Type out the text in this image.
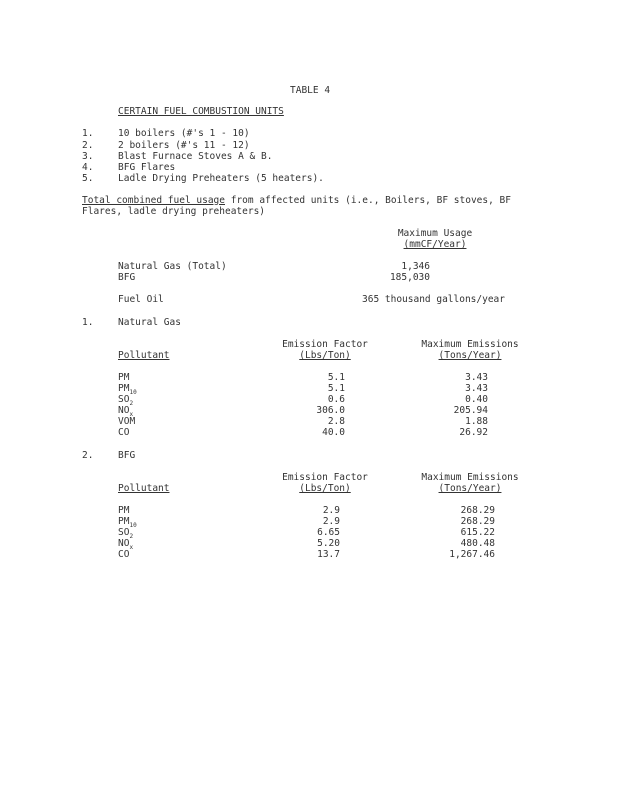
TABLE 4
CERTAIN FUEL COMBUSTION UNITS
1.	10 boilers (#'s 1 - 10)
2.	2 boilers (#'s 11 - 12)
3.	Blast Furnace Stoves A & B.
4.	BFG Flares
5.	Ladle Drying Preheaters (5 heaters).
Total combined fuel usage from affected units (i.e., Boilers, BF stoves, BF
Flares, ladle drying preheaters)
Maximum Usage
(mmCF/Year)
Natural Gas (Total)	1,346
BFG	185,030
Fuel Oil	365 thousand gallons/year
1.	Natural Gas
Emission Factor	Maximum Emissions
Pollutant	(Lbs/Ton)	(Tons/Year)
PM	5.1	3.43
$PM_{10}$	5.1	3.43
$SO_2$	0.6	0.40
$NO_x$	306.0	205.94
VOM	2.8	1.88
CO	40.0	26.92
2.	BFG
Emission Factor	Maximum Emissions
Pollutant	(Lbs/Ton)	(Tons/Year)
PM	2.9	268.29
$PM_{10}$	2.9	268.29
$SO_2$	6.65	615.22
$NO_x$	5.20	480.48
CO	13.7	1,267.46
